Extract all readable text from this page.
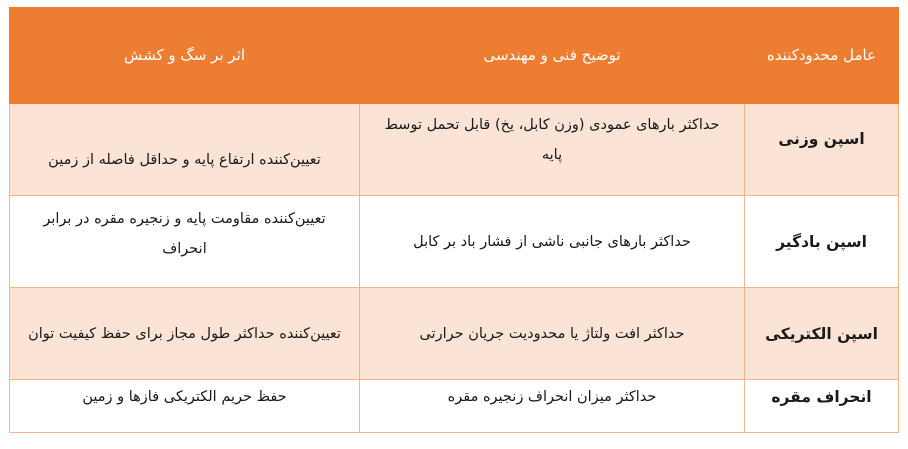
اثر بر سگ و کشش	توضیح فنی و مهندسی	عامل محدودکننده
تعیین‌کننده ارتفاع پایه و حداقل فاصله از زمین	حداکثر بارهای عمودی (وزن کابل، یخ) قابل تحمل توسط پایه	اسپن وزنی
تعیین‌کننده مقاومت پایه و زنجیره مقره در برابر انحراف	حداکثر بارهای جانبی ناشی از فشار باد بر کابل	اسپن بادگیر
تعیین‌کننده حداکثر طول مجاز برای حفظ کیفیت توان	حداکثر افت ولتاژ یا محدودیت جریان حرارتی	اسپن الکتریکی
حفظ حریم الکتریکی فازها و زمین	حداکثر میزان انحراف زنجیره مقره	انحراف مقره
